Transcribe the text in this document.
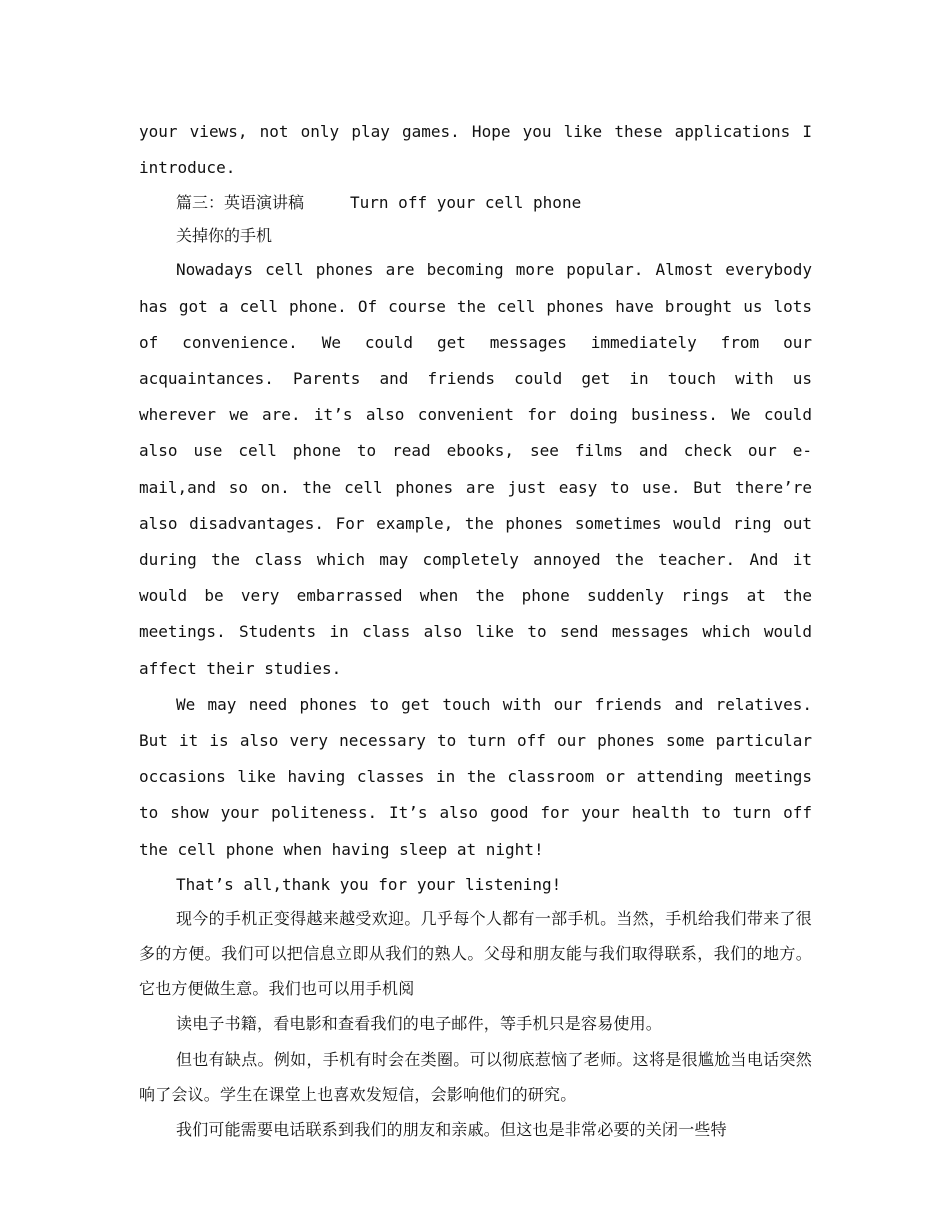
your views, not only play games. Hope you like these applications I introduce.

篇三：英语演讲稿	Turn off your cell phone

关掉你的手机

Nowadays cell phones are becoming more popular. Almost everybody has got a cell phone. Of course the cell phones have brought us lots of convenience. We could get messages immediately from our acquaintances. Parents and friends could get in touch with us wherever we are. it’s also convenient for doing business. We could also use cell phone to read ebooks, see films and check our e-mail,and so on. the cell phones are just easy to use. But there’re also disadvantages. For example, the phones sometimes would ring out during the class which may completely annoyed the teacher. And it would be very embarrassed when the phone suddenly rings at the meetings. Students in class also like to send messages which would affect their studies.

We may need phones to get touch with our friends and relatives. But it is also very necessary to turn off our phones some particular occasions like having classes in the classroom or attending meetings to show your politeness. It’s also good for your health to turn off the cell phone when having sleep at night!

That’s all,thank you for your listening!

现今的手机正变得越来越受欢迎。几乎每个人都有一部手机。当然，手机给我们带来了很多的方便。我们可以把信息立即从我们的熟人。父母和朋友能与我们取得联系，我们的地方。它也方便做生意。我们也可以用手机阅

读电子书籍，看电影和查看我们的电子邮件，等手机只是容易使用。

但也有缺点。例如，手机有时会在类圈。可以彻底惹恼了老师。这将是很尴尬当电话突然响了会议。学生在课堂上也喜欢发短信，会影响他们的研究。

我们可能需要电话联系到我们的朋友和亲戚。但这也是非常必要的关闭一些特
